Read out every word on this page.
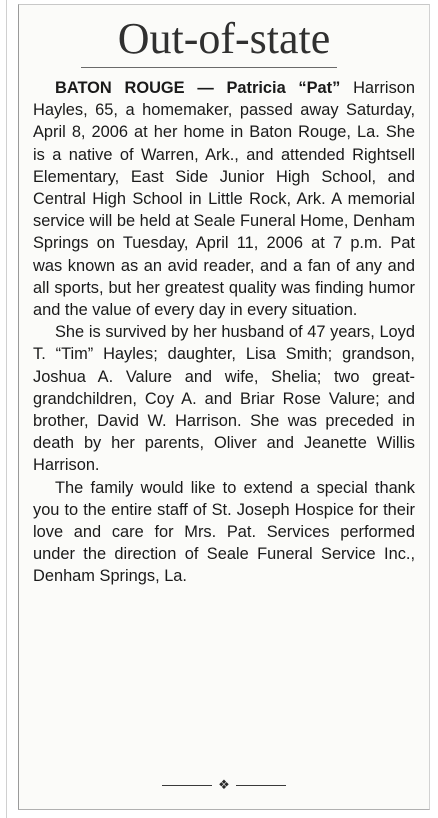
Out-of-state

BATON ROUGE — Patricia “Pat” Harrison Hayles, 65, a homemaker, passed away Saturday, April 8, 2006 at her home in Baton Rouge, La. She is a native of Warren, Ark., and attended Rightsell Elementary, East Side Junior High School, and Central High School in Little Rock, Ark. A memorial service will be held at Seale Funeral Home, Denham Springs on Tuesday, April 11, 2006 at 7 p.m. Pat was known as an avid reader, and a fan of any and all sports, but her greatest quality was finding humor and the value of every day in every situation.

She is survived by her husband of 47 years, Loyd T. “Tim” Hayles; daughter, Lisa Smith; grandson, Joshua A. Valure and wife, Shelia; two great-grandchildren, Coy A. and Briar Rose Valure; and brother, David W. Harrison. She was preceded in death by her parents, Oliver and Jeanette Willis Harrison.

The family would like to extend a special thank you to the entire staff of St. Joseph Hospice for their love and care for Mrs. Pat. Services performed under the direction of Seale Funeral Service Inc., Denham Springs, La.

❖
